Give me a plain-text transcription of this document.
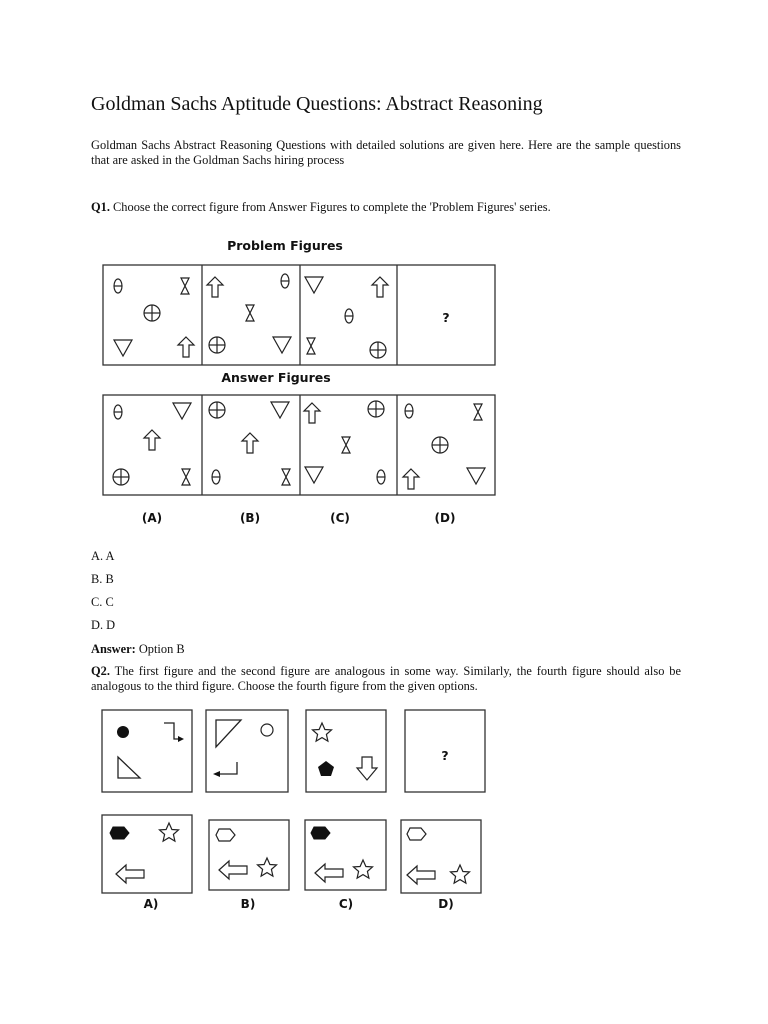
Goldman Sachs Aptitude Questions: Abstract Reasoning

Goldman Sachs Abstract Reasoning Questions with detailed solutions are given here. Here are the sample questions that are asked in the Goldman Sachs hiring process

Q1. Choose the correct figure from Answer Figures to complete the 'Problem Figures' series.

Problem Figures
?
Answer Figures
(A)	(B)	(C)	(D)
A. A
B. B
C. C
D. D

Answer: Option B

Q2. The first figure and the second figure are analogous in some way. Similarly, the fourth figure should also be analogous to the third figure. Choose the fourth figure from the given options.

?
A)	B)	C)	D)
